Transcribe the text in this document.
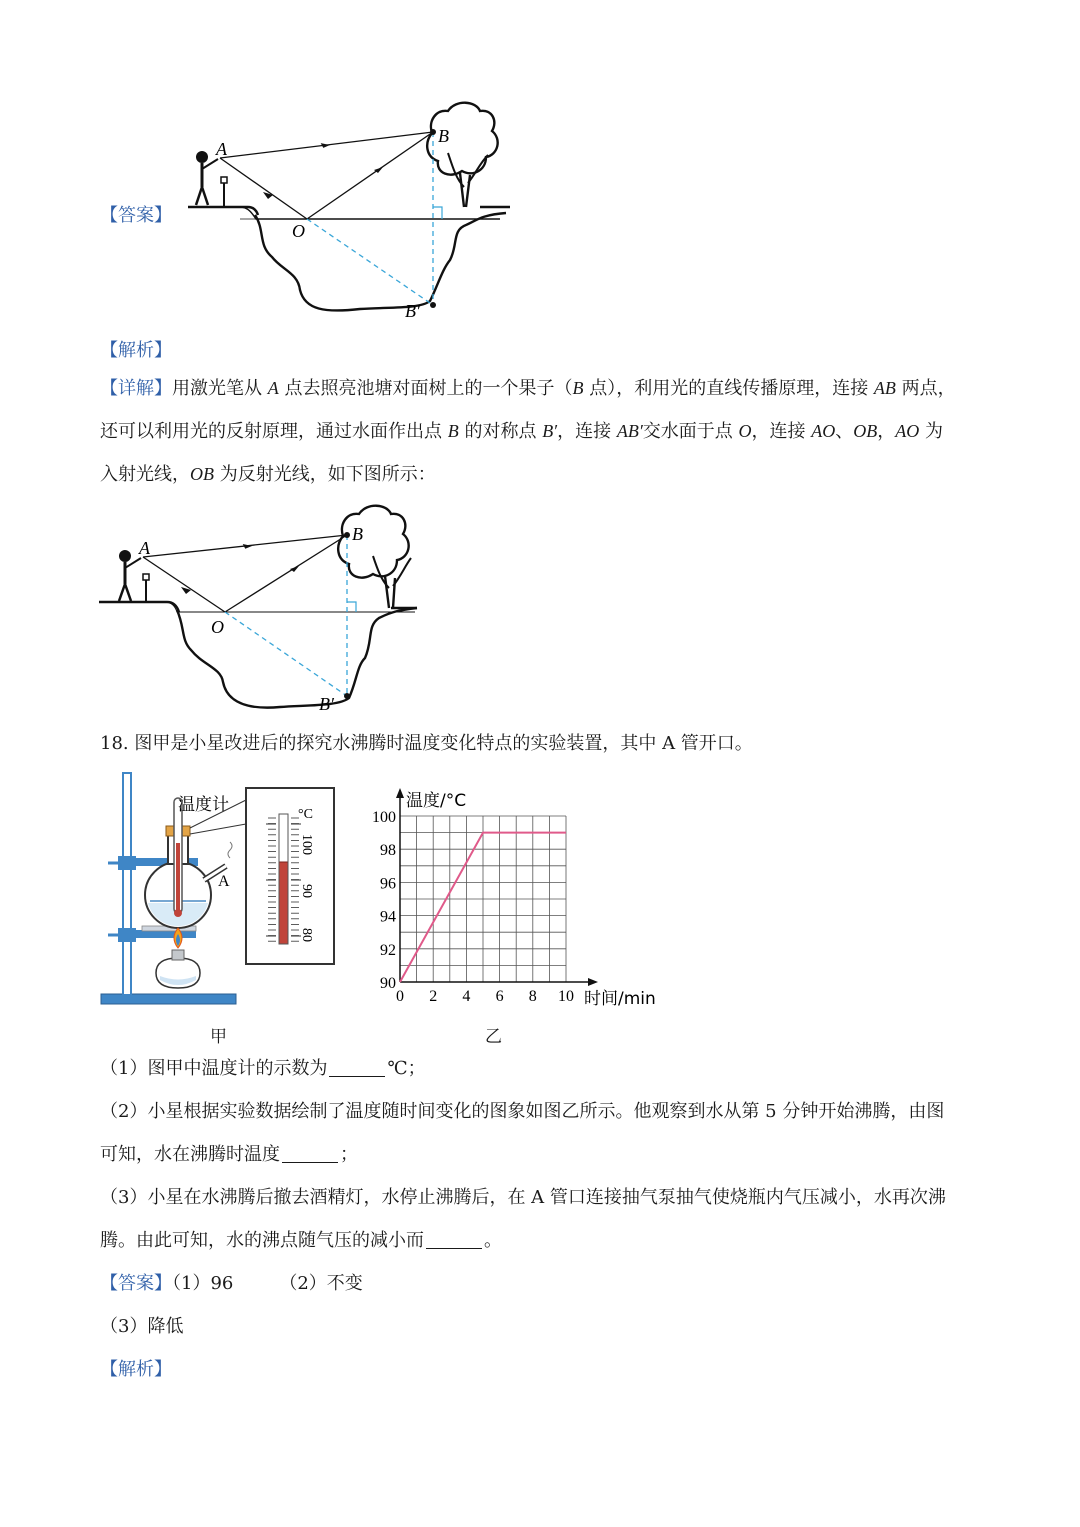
【答案】
A
B
O
B′
【解析】
【详解】用激光笔从 A 点去照亮池塘对面树上的一个果子（B 点），利用光的直线传播原理，连接 AB 两点，
还可以利用光的反射原理，通过水面作出点 B 的对称点 B′，连接 AB′交水面于点 O，连接 AO、OB，AO 为
入射光线，OB 为反射光线，如下图所示：
A
B
O
B′
18. 图甲是小星改进后的探究水沸腾时温度变化特点的实验装置，其中 A 管开口。
A
温度计	°C
100
90
80
甲
0 2 4 6 8 10
90
92
94
96
98
100
温度/°C
时间/min
乙
（1）图甲中温度计的示数为	℃；
（2）小星根据实验数据绘制了温度随时间变化的图象如图乙所示。他观察到水从第 5 分钟开始沸腾，由图
可知，水在沸腾时温度	；
（3）小星在水沸腾后撤去酒精灯，水停止沸腾后，在 A 管口连接抽气泵抽气使烧瓶内气压减小，水再次沸
腾。由此可知，水的沸点随气压的减小而	。
【答案】（1）96	（2）不变
（3）降低
【解析】
